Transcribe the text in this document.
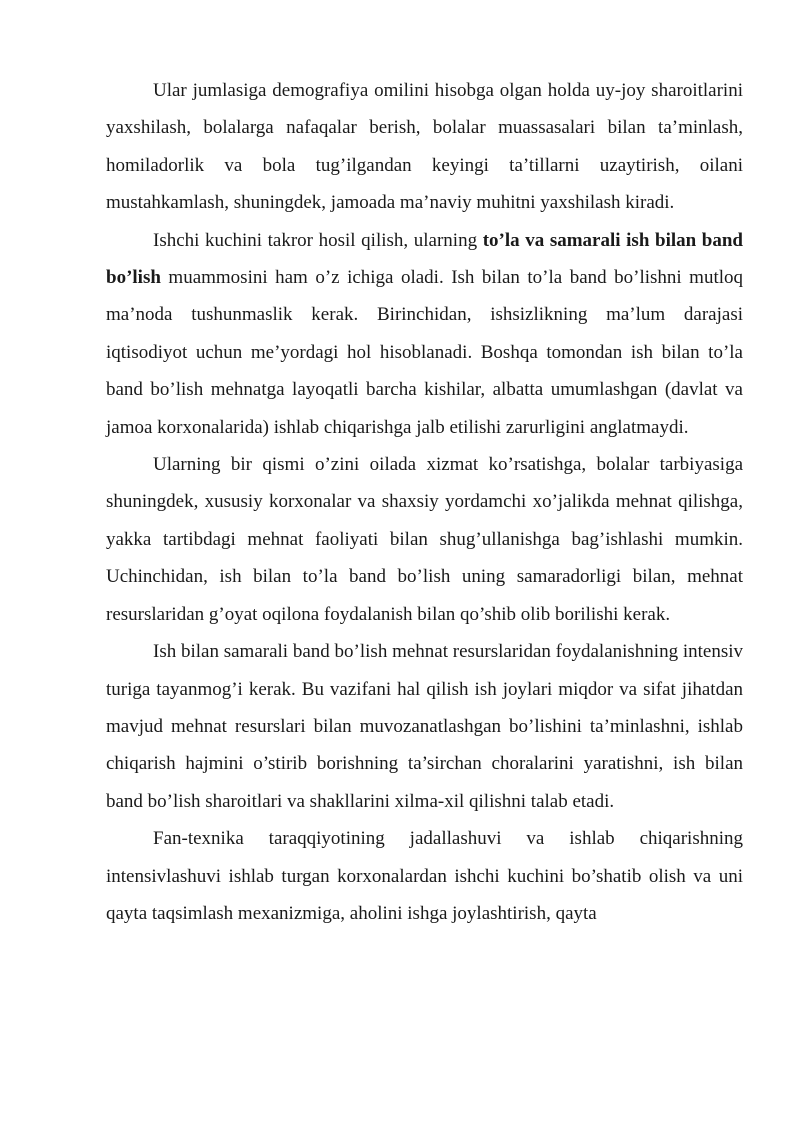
Ular jumlasiga demografiya omilini hisobga olgan holda uy-joy sharoitlarini yaxshilash, bolalarga nafaqalar berish, bolalar muassasalari bilan ta’minlash, homiladorlik va bola tug’ilgandan keyingi ta’tillarni uzaytirish, oilani mustahkamlash, shuningdek, jamoada ma’naviy muhitni yaxshilash kiradi.

Ishchi kuchini takror hosil qilish, ularning to’la va samarali ish bilan band bo’lish muammosini ham o’z ichiga oladi. Ish bilan to’la band bo’lishni mutloq ma’noda tushunmaslik kerak. Birinchidan, ishsizlikning ma’lum darajasi iqtisodiyot uchun me’yordagi hol hisoblanadi. Boshqa tomondan ish bilan to’la band bo’lish mehnatga layoqatli barcha kishilar, albatta umumlashgan (davlat va jamoa korxonalarida) ishlab chiqarishga jalb etilishi zarurligini anglatmaydi.

Ularning bir qismi o’zini oilada xizmat ko’rsatishga, bolalar tarbiyasiga shuningdek, xususiy korxonalar va shaxsiy yordamchi xo’jalikda mehnat qilishga, yakka tartibdagi mehnat faoliyati bilan shug’ullanishga bag’ishlashi mumkin. Uchinchidan, ish bilan to’la band bo’lish uning samaradorligi bilan, mehnat resurslaridan g’oyat oqilona foydalanish bilan qo’shib olib borilishi kerak.

Ish bilan samarali band bo’lish mehnat resurslaridan foydalanishning intensiv turiga tayanmog’i kerak. Bu vazifani hal qilish ish joylari miqdor va sifat jihatdan mavjud mehnat resurslari bilan muvozanatlashgan bo’lishini ta’minlashni, ishlab chiqarish hajmini o’stirib borishning ta’sirchan choralarini yaratishni, ish bilan band bo’lish sharoitlari va shakllarini xilma-xil qilishni talab etadi.

Fan-texnika taraqqiyotining jadallashuvi va ishlab chiqarishning intensivlashuvi ishlab turgan korxonalardan ishchi kuchini bo’shatib olish va uni qayta taqsimlash mexanizmiga, aholini ishga joylashtirish, qayta
